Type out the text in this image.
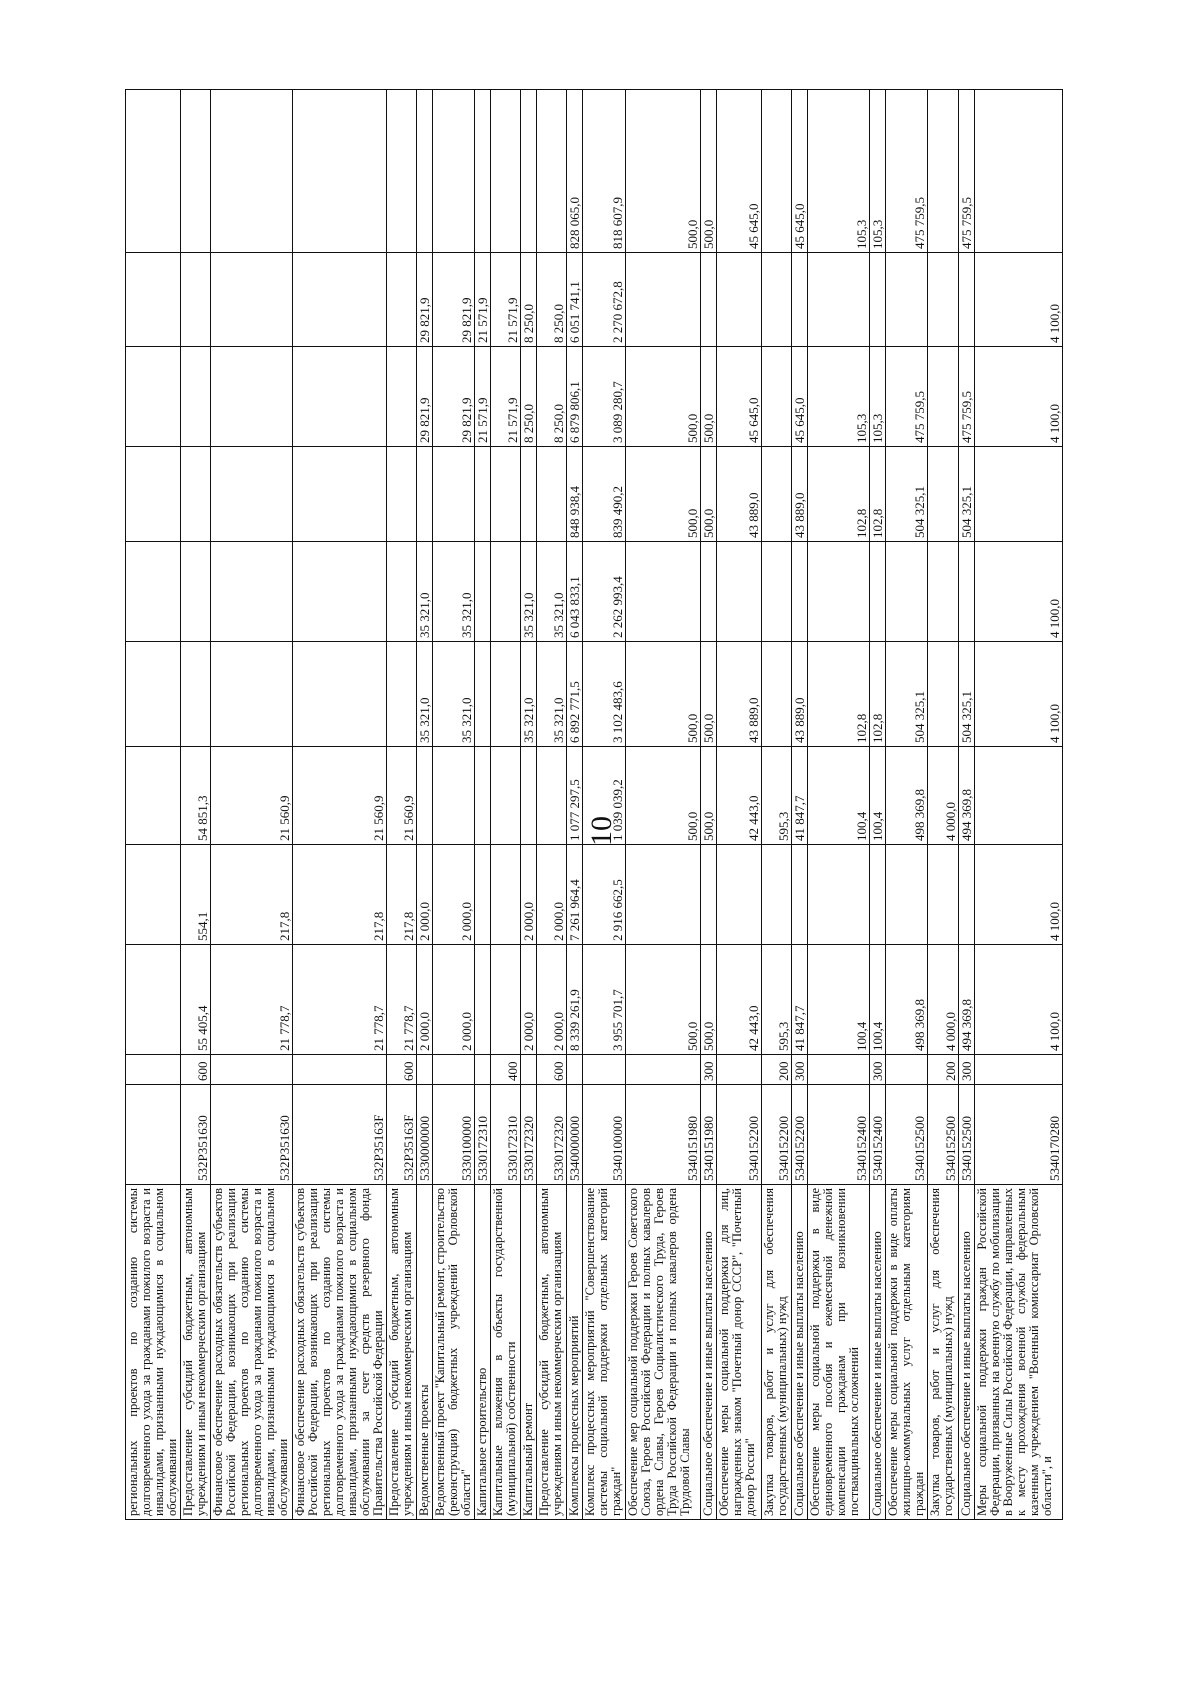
10
региональных проектов по созданию системы долговременного ухода за гражданами пожилого возраста и инвалидами, признанными нуждающимися в социальном обслуживании											
Предоставление субсидий бюджетным, автономным учреждениям и иным некоммерческим организациям	532P351630	600	55 405,4	554,1	54 851,3						
Финансовое обеспечение расходных обязательств субъектов Российской Федерации, возникающих при реализации региональных проектов по созданию системы долговременного ухода за гражданами пожилого возраста и инвалидами, признанными нуждающимися в социальном обслуживании	532P351630		21 778,7	217,8	21 560,9						
Финансовое обеспечение расходных обязательств субъектов Российской Федерации, возникающих при реализации региональных проектов по созданию системы долговременного ухода за гражданами пожилого возраста и инвалидами, признанными нуждающимися в социальном обслуживании за счет средств резервного фонда Правительства Российской Федерации	532P35163F		21 778,7	217,8	21 560,9						
Предоставление субсидий бюджетным, автономным учреждениям и иным некоммерческим организациям	532P35163F	600	21 778,7	217,8	21 560,9						
Ведомственные проекты	5330000000		2 000,0	2 000,0		35 321,0	35 321,0		29 821,9	29 821,9	
Ведомственный проект "Капитальный ремонт, строительство (реконструкция) бюджетных учреждений Орловской области"	5330100000		2 000,0	2 000,0		35 321,0	35 321,0		29 821,9	29 821,9	
Капитальное строительство	5330172310								21 571,9	21 571,9	
Капитальные вложения в объекты государственной (муниципальной) собственности	5330172310	400							21 571,9	21 571,9	
Капитальный ремонт	5330172320		2 000,0	2 000,0		35 321,0	35 321,0		8 250,0	8 250,0	
Предоставление субсидий бюджетным, автономным учреждениям и иным некоммерческим организациям	5330172320	600	2 000,0	2 000,0		35 321,0	35 321,0		8 250,0	8 250,0	
Комплексы процессных мероприятий	5340000000		8 339 261,9	7 261 964,4	1 077 297,5	6 892 771,5	6 043 833,1	848 938,4	6 879 806,1	6 051 741,1	828 065,0
Комплекс процессных мероприятий "Совершенствование системы социальной поддержки отдельных категорий граждан"	5340100000		3 955 701,7	2 916 662,5	1 039 039,2	3 102 483,6	2 262 993,4	839 490,2	3 089 280,7	2 270 672,8	818 607,9
Обеспечение мер социальной поддержки Героев Советского Союза, Героев Российской Федерации и полных кавалеров ордена Славы, Героев Социалистического Труда, Героев Труда Российской Федерации и полных кавалеров ордена Трудовой Славы	5340151980		500,0		500,0	500,0		500,0	500,0		500,0
Социальное обеспечение и иные выплаты населению	5340151980	300	500,0		500,0	500,0		500,0	500,0		500,0
Обеспечение меры социальной поддержки для лиц, награжденных знаком "Почетный донор СССР", "Почетный донор России"	5340152200		42 443,0		42 443,0	43 889,0		43 889,0	45 645,0		45 645,0
Закупка товаров, работ и услуг для обеспечения государственных (муниципальных) нужд	5340152200	200	595,3		595,3						
Социальное обеспечение и иные выплаты населению	5340152200	300	41 847,7		41 847,7	43 889,0		43 889,0	45 645,0		45 645,0
Обеспечение меры социальной поддержки в виде единовременного пособия и ежемесячной денежной компенсации гражданам при возникновении поствакцинальных осложнений	5340152400		100,4		100,4	102,8		102,8	105,3		105,3
Социальное обеспечение и иные выплаты населению	5340152400	300	100,4		100,4	102,8		102,8	105,3		105,3
Обеспечение меры социальной поддержки в виде оплаты жилищно-коммунальных услуг отдельным категориям граждан	5340152500		498 369,8		498 369,8	504 325,1		504 325,1	475 759,5		475 759,5
Закупка товаров, работ и услуг для обеспечения государственных (муниципальных) нужд	5340152500	200	4 000,0		4 000,0						
Социальное обеспечение и иные выплаты населению	5340152500	300	494 369,8		494 369,8	504 325,1		504 325,1	475 759,5		475 759,5
Меры социальной поддержки граждан Российской Федерации, призванных на военную службу по мобилизации в Вооруженные Силы Российской Федерации, направленных к месту прохождения военной службы федеральным казенным учреждением "Военный комиссариат Орловской области", и	5340170280		4 100,0	4 100,0		4 100,0	4 100,0		4 100,0	4 100,0	
